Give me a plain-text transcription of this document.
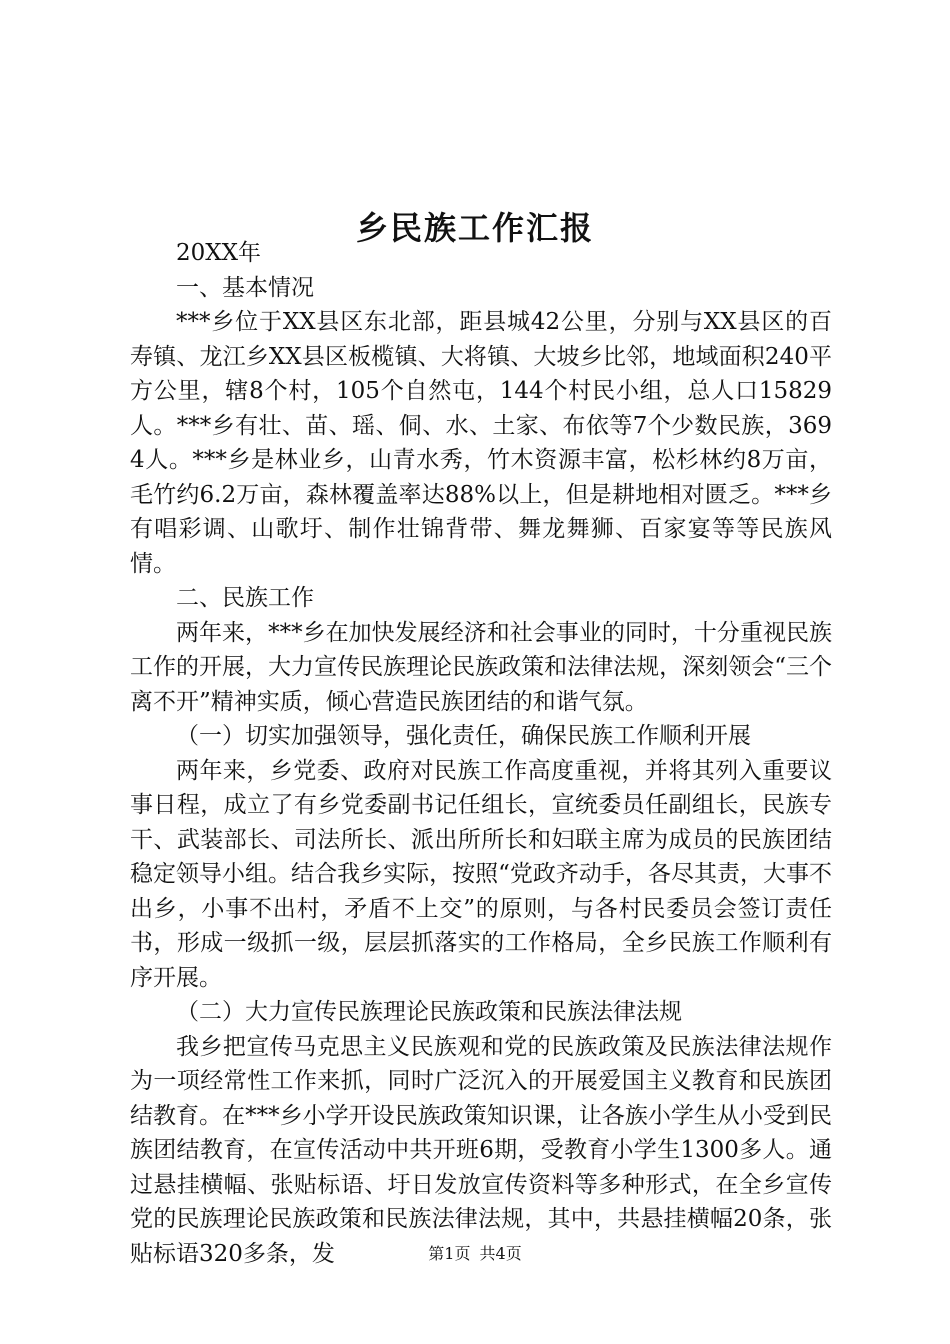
乡民族工作汇报

20XX年

一、基本情况

***乡位于XX县区东北部，距县城42公里，分别与XX县区的百寿镇、龙江乡XX县区板榄镇、大将镇、大坡乡比邻，地域面积240平方公里，辖8个村，105个自然屯，144个村民小组，总人口15829人。***乡有壮、苗、瑶、侗、水、土家、布依等7个少数民族，3694人。***乡是林业乡，山青水秀，竹木资源丰富，松杉林约8万亩，毛竹约6.2万亩，森林覆盖率达88%以上，但是耕地相对匮乏。***乡有唱彩调、山歌圩、制作壮锦背带、舞龙舞狮、百家宴等等民族风情。

二、民族工作

两年来，***乡在加快发展经济和社会事业的同时，十分重视民族工作的开展，大力宣传民族理论民族政策和法律法规，深刻领会“三个离不开”精神实质，倾心营造民族团结的和谐气氛。

（一）切实加强领导，强化责任，确保民族工作顺利开展

两年来，乡党委、政府对民族工作高度重视，并将其列入重要议事日程，成立了有乡党委副书记任组长，宣统委员任副组长，民族专干、武装部长、司法所长、派出所所长和妇联主席为成员的民族团结稳定领导小组。结合我乡实际，按照“党政齐动手，各尽其责，大事不出乡，小事不出村，矛盾不上交”的原则，与各村民委员会签订责任书，形成一级抓一级，层层抓落实的工作格局，全乡民族工作顺利有序开展。

（二）大力宣传民族理论民族政策和民族法律法规

我乡把宣传马克思主义民族观和党的民族政策及民族法律法规作为一项经常性工作来抓，同时广泛沉入的开展爱国主义教育和民族团结教育。在***乡小学开设民族政策知识课，让各族小学生从小受到民族团结教育，在宣传活动中共开班6期，受教育小学生1300多人。通过悬挂横幅、张贴标语、圩日发放宣传资料等多种形式，在全乡宣传党的民族理论民族政策和民族法律法规，其中，共悬挂横幅20条，张贴标语320多条，发	第1页 共4页
